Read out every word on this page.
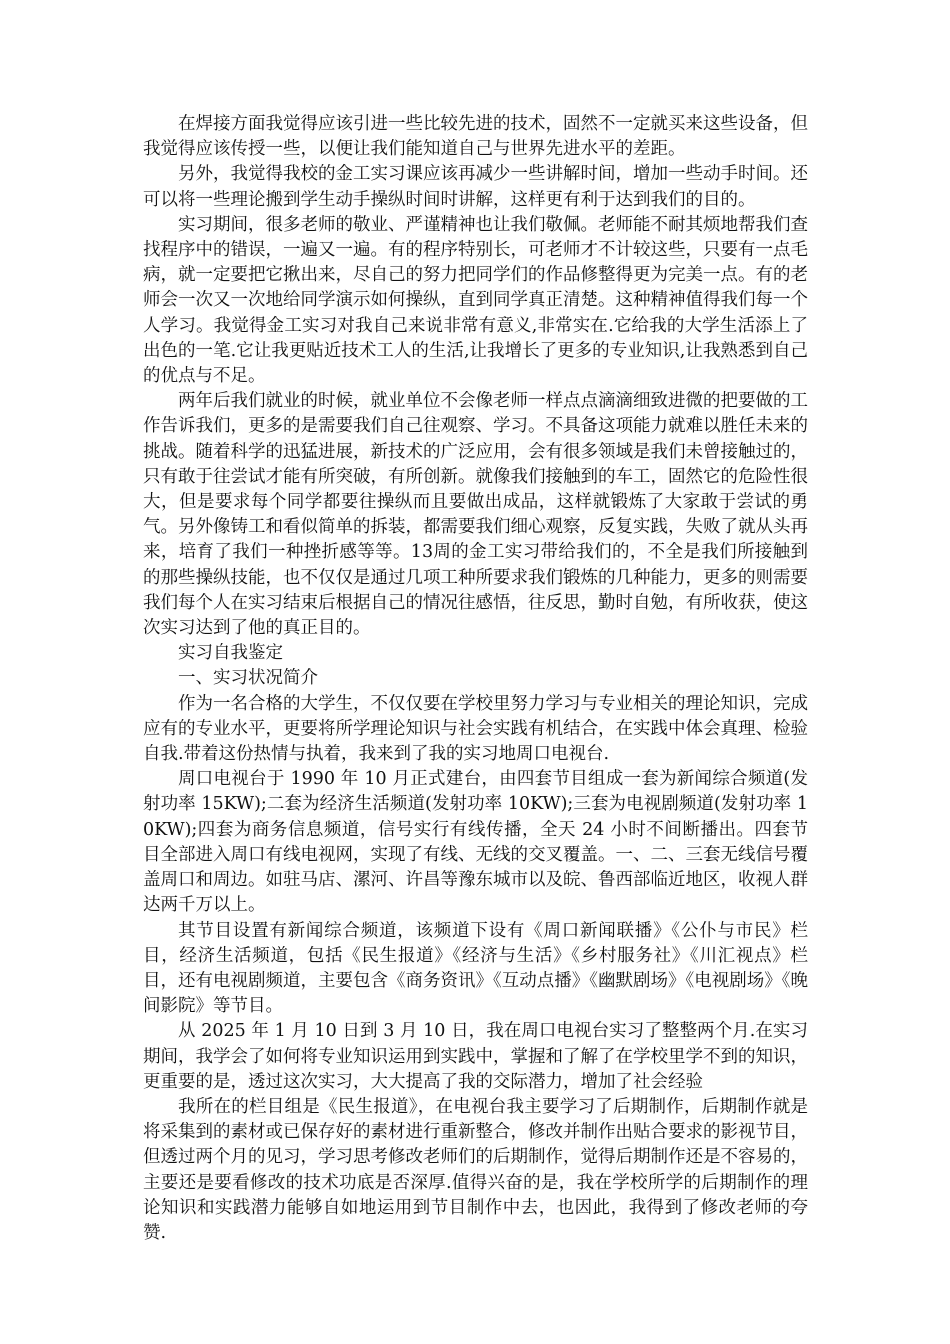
在焊接方面我觉得应该引进一些比较先进的技术，固然不一定就买来这些设备，但我觉得应该传授一些，以便让我们能知道自己与世界先进水平的差距。

另外，我觉得我校的金工实习课应该再减少一些讲解时间，增加一些动手时间。还可以将一些理论搬到学生动手操纵时间时讲解，这样更有利于达到我们的目的。

实习期间，很多老师的敬业、严谨精神也让我们敬佩。老师能不耐其烦地帮我们查找程序中的错误，一遍又一遍。有的程序特别长，可老师才不计较这些，只要有一点毛病，就一定要把它揪出来，尽自己的努力把同学们的作品修整得更为完美一点。有的老师会一次又一次地给同学演示如何操纵，直到同学真正清楚。这种精神值得我们每一个人学习。我觉得金工实习对我自己来说非常有意义,非常实在.它给我的大学生活添上了出色的一笔.它让我更贴近技术工人的生活,让我增长了更多的专业知识,让我熟悉到自己的优点与不足。

两年后我们就业的时候，就业单位不会像老师一样点点滴滴细致进微的把要做的工作告诉我们，更多的是需要我们自己往观察、学习。不具备这项能力就难以胜任未来的挑战。随着科学的迅猛进展，新技术的广泛应用，会有很多领域是我们未曾接触过的，只有敢于往尝试才能有所突破，有所创新。就像我们接触到的车工，固然它的危险性很大，但是要求每个同学都要往操纵而且要做出成品，这样就锻炼了大家敢于尝试的勇气。另外像铸工和看似简单的拆装，都需要我们细心观察，反复实践，失败了就从头再来，培育了我们一种挫折感等等。13周的金工实习带给我们的，不全是我们所接触到的那些操纵技能，也不仅仅是通过几项工种所要求我们锻炼的几种能力，更多的则需要我们每个人在实习结束后根据自己的情况往感悟，往反思，勤时自勉，有所收获，使这次实习达到了他的真正目的。

实习自我鉴定

一、实习状况简介

作为一名合格的大学生，不仅仅要在学校里努力学习与专业相关的理论知识，完成应有的专业水平，更要将所学理论知识与社会实践有机结合，在实践中体会真理、检验自我.带着这份热情与执着，我来到了我的实习地周口电视台.

周口电视台于 1990 年 10 月正式建台，由四套节目组成一套为新闻综合频道(发射功率 15KW);二套为经济生活频道(发射功率 10KW);三套为电视剧频道(发射功率 10KW);四套为商务信息频道，信号实行有线传播，全天 24 小时不间断播出。四套节目全部进入周口有线电视网，实现了有线、无线的交叉覆盖。一、二、三套无线信号覆盖周口和周边。如驻马店、漯河、许昌等豫东城市以及皖、鲁西部临近地区，收视人群达两千万以上。

其节目设置有新闻综合频道，该频道下设有《周口新闻联播》《公仆与市民》栏目，经济生活频道，包括《民生报道》《经济与生活》《乡村服务社》《川汇视点》栏目，还有电视剧频道，主要包含《商务资讯》《互动点播》《幽默剧场》《电视剧场》《晚间影院》等节目。

从 2025 年 1 月 10 日到 3 月 10 日，我在周口电视台实习了整整两个月.在实习期间，我学会了如何将专业知识运用到实践中，掌握和了解了在学校里学不到的知识，更重要的是，透过这次实习，大大提高了我的交际潜力，增加了社会经验

我所在的栏目组是《民生报道》，在电视台我主要学习了后期制作，后期制作就是将采集到的素材或已保存好的素材进行重新整合，修改并制作出贴合要求的影视节目，但透过两个月的见习，学习思考修改老师们的后期制作，觉得后期制作还是不容易的，主要还是要看修改的技术功底是否深厚.值得兴奋的是，我在学校所学的后期制作的理论知识和实践潜力能够自如地运用到节目制作中去，也因此，我得到了修改老师的夸赞.
